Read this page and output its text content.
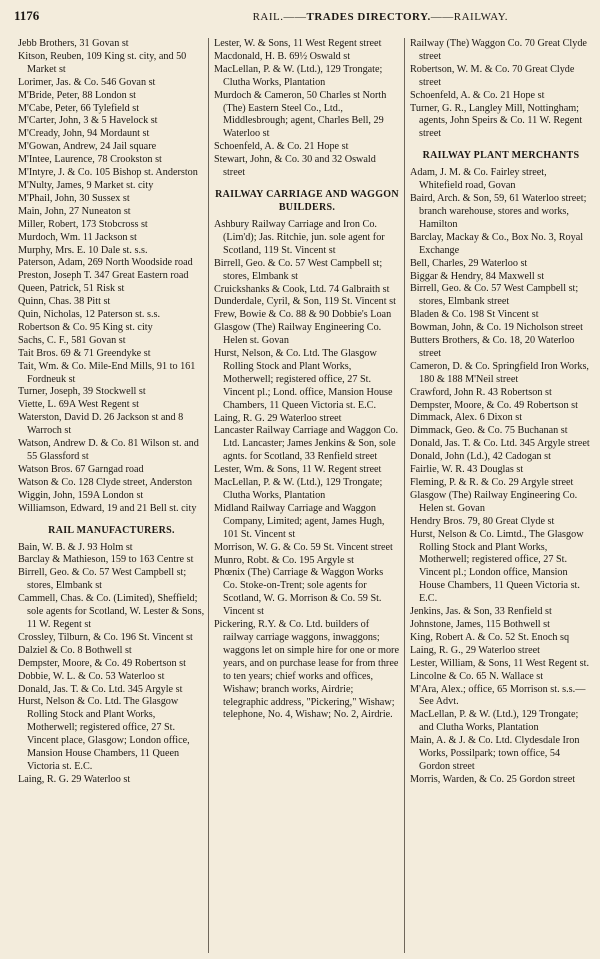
1176	RAIL.——TRADES DIRECTORY.——RAILWAY.

Jebb Brothers, 31 Govan st

Kitson, Reuben, 109 King st. city, and 50 Market st

Lorimer, Jas. & Co. 546 Govan st

M'Bride, Peter, 88 London st

M'Cabe, Peter, 66 Tylefield st

M'Carter, John, 3 & 5 Havelock st

M'Cready, John, 94 Mordaunt st

M'Gowan, Andrew, 24 Jail square

M'Intee, Laurence, 78 Crookston st

M'Intyre, J. & Co. 105 Bishop st. Anderston

M'Nulty, James, 9 Market st. city

M'Phail, John, 30 Sussex st

Main, John, 27 Nuneaton st

Miller, Robert, 173 Stobcross st

Murdoch, Wm. 11 Jackson st

Murphy, Mrs. E. 10 Dale st. s.s.

Paterson, Adam, 269 North Woodside road

Preston, Joseph T. 347 Great Eastern road

Queen, Patrick, 51 Risk st

Quinn, Chas. 38 Pitt st

Quin, Nicholas, 12 Paterson st. s.s.

Robertson & Co. 95 King st. city

Sachs, C. F., 581 Govan st

Tait Bros. 69 & 71 Greendyke st

Tait, Wm. & Co. Mile-End Mills, 91 to 161 Fordneuk st

Turner, Joseph, 39 Stockwell st

Viette, L. 69A West Regent st

Waterston, David D. 26 Jackson st and 8 Warroch st

Watson, Andrew D. & Co. 81 Wilson st. and 55 Glassford st

Watson Bros. 67 Garngad road

Watson & Co. 128 Clyde street, Anderston

Wiggin, John, 159A London st

Williamson, Edward, 19 and 21 Bell st. city

RAIL MANUFACTURERS.

Bain, W. B. & J. 93 Holm st

Barclay & Mathieson, 159 to 163 Centre st

Birrell, Geo. & Co. 57 West Campbell st; stores, Elmbank st

Cammell, Chas. & Co. (Limited), Sheffield; sole agents for Scotland, W. Lester & Sons, 11 W. Regent st

Crossley, Tilburn, & Co. 196 St. Vincent st

Dalziel & Co. 8 Bothwell st

Dempster, Moore, & Co. 49 Robertson st

Dobbie, W. L. & Co. 53 Waterloo st

Donald, Jas. T. & Co. Ltd. 345 Argyle st

Hurst, Nelson & Co. Ltd. The Glasgow Rolling Stock and Plant Works, Motherwell; registered office, 27 St. Vincent place, Glasgow; London office, Mansion House Chambers, 11 Queen Victoria st. E.C.

Laing, R. G. 29 Waterloo st

Lester, W. & Sons, 11 West Regent street

Macdonald, H. B. 69½ Oswald st

MacLellan, P. & W. (Ltd.), 129 Trongate; Clutha Works, Plantation

Murdoch & Cameron, 50 Charles st North (The) Eastern Steel Co., Ltd., Middlesbrough; agent, Charles Bell, 29 Waterloo st

Schoenfeld, A. & Co. 21 Hope st

Stewart, John, & Co. 30 and 32 Oswald street

RAILWAY CARRIAGE AND WAGGON BUILDERS.

Ashbury Railway Carriage and Iron Co. (Lim'd); Jas. Ritchie, jun. sole agent for Scotland, 119 St. Vincent st

Birrell, Geo. & Co. 57 West Campbell st; stores, Elmbank st

Cruickshanks & Cook, Ltd. 74 Galbraith st

Dunderdale, Cyril, & Son, 119 St. Vincent st

Frew, Bowie & Co. 88 & 90 Dobbie's Loan

Glasgow (The) Railway Engineering Co. Helen st. Govan

Hurst, Nelson, & Co. Ltd. The Glasgow Rolling Stock and Plant Works, Motherwell; registered office, 27 St. Vincent pl.; Lond. office, Mansion House Chambers, 11 Queen Victoria st. E.C.

Laing, R. G. 29 Waterloo street

Lancaster Railway Carriage and Waggon Co. Ltd. Lancaster; James Jenkins & Son, sole agnts. for Scotland, 33 Renfield street

Lester, Wm. & Sons, 11 W. Regent street

MacLellan, P. & W. (Ltd.), 129 Trongate; Clutha Works, Plantation

Midland Railway Carriage and Waggon Company, Limited; agent, James Hugh, 101 St. Vincent st

Morrison, W. G. & Co. 59 St. Vincent street

Munro, Robt. & Co. 195 Argyle st

Phœnix (The) Carriage & Waggon Works Co. Stoke-on-Trent; sole agents for Scotland, W. G. Morrison & Co. 59 St. Vincent st

Pickering, R.Y. & Co. Ltd. builders of railway carriage waggons, inwaggons; waggons let on simple hire for one or more years, and on purchase lease for from three to ten years; chief works and offices, Wishaw; branch works, Airdrie; telegraphic address, "Pickering," Wishaw; telephone, No. 4, Wishaw; No. 2, Airdrie.

Railway (The) Waggon Co. 70 Great Clyde street

Robertson, W. M. & Co. 70 Great Clyde street

Schoenfeld, A. & Co. 21 Hope st

Turner, G. R., Langley Mill, Nottingham; agents, John Speirs & Co. 11 W. Regent street

RAILWAY PLANT MERCHANTS

Adam, J. M. & Co. Fairley street, Whitefield road, Govan

Baird, Arch. & Son, 59, 61 Waterloo street; branch warehouse, stores and works, Hamilton

Barclay, Mackay & Co., Box No. 3, Royal Exchange

Bell, Charles, 29 Waterloo st

Biggar & Hendry, 84 Maxwell st

Birrell, Geo. & Co. 57 West Campbell st; stores, Elmbank street

Bladen & Co. 198 St Vincent st

Bowman, John, & Co. 19 Nicholson street

Butters Brothers, & Co. 18, 20 Waterloo street

Cameron, D. & Co. Springfield Iron Works, 180 & 188 M'Neil street

Crawford, John R. 43 Robertson st

Dempster, Moore, & Co. 49 Robertson st

Dimmack, Alex. 6 Dixon st

Dimmack, Geo. & Co. 75 Buchanan st

Donald, Jas. T. & Co. Ltd. 345 Argyle street

Donald, John (Ld.), 42 Cadogan st

Fairlie, W. R. 43 Douglas st

Fleming, P. & R. & Co. 29 Argyle street

Glasgow (The) Railway Engineering Co. Helen st. Govan

Hendry Bros. 79, 80 Great Clyde st

Hurst, Nelson & Co. Limtd., The Glasgow Rolling Stock and Plant Works, Motherwell; registered office, 27 St. Vincent pl.; London office, Mansion House Chambers, 11 Queen Victoria st. E.C.

Jenkins, Jas. & Son, 33 Renfield st

Johnstone, James, 115 Bothwell st

King, Robert A. & Co. 52 St. Enoch sq

Laing, R. G., 29 Waterloo street

Lester, William, & Sons, 11 West Regent st.

Lincolne & Co. 65 N. Wallace st

M'Ara, Alex.; office, 65 Morrison st. s.s.—See Advt.

MacLellan, P. & W. (Ltd.), 129 Trongate; and Clutha Works, Plantation

Main, A. & J. & Co. Ltd. Clydesdale Iron Works, Possilpark; town office, 54 Gordon street

Morris, Warden, & Co. 25 Gordon street
